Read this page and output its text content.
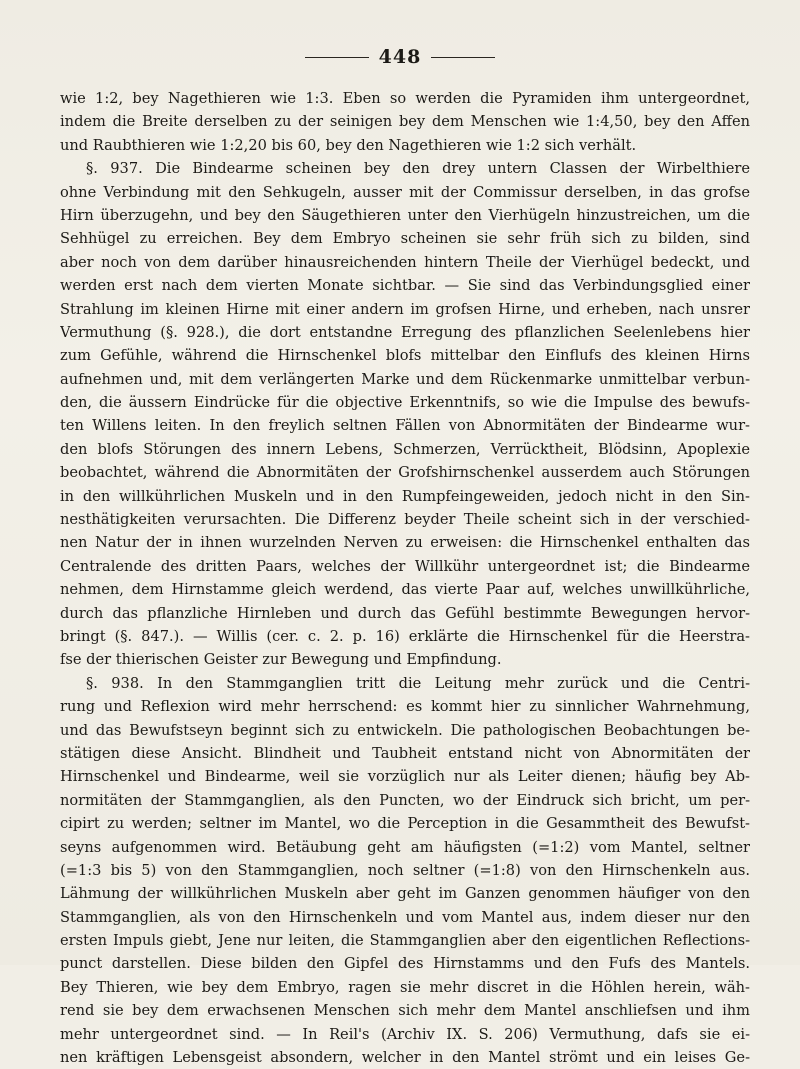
448
wie 1:2, bey Nagethieren wie 1:3. Eben so werden die Pyramiden ihm untergeordnet,
indem die Breite derselben zu der seinigen bey dem Menschen wie 1:4,50, bey den Affen
und Raubthieren wie 1:2,20 bis 60, bey den Nagethieren wie 1:2 sich verhält.
§. 937. Die Bindearme scheinen bey den drey untern Classen der Wirbelthiere
ohne Verbindung mit den Sehkugeln, ausser mit der Commissur derselben, in das grofse
Hirn überzugehn, und bey den Säugethieren unter den Vierhügeln hinzustreichen, um die
Sehhügel zu erreichen. Bey dem Embryo scheinen sie sehr früh sich zu bilden, sind
aber noch von dem darüber hinausreichenden hintern Theile der Vierhügel bedeckt, und
werden erst nach dem vierten Monate sichtbar. — Sie sind das Verbindungsglied einer
Strahlung im kleinen Hirne mit einer andern im grofsen Hirne, und erheben, nach unsrer
Vermuthung (§. 928.), die dort entstandne Erregung des pflanzlichen Seelenlebens hier
zum Gefühle, während die Hirnschenkel blofs mittelbar den Einflufs des kleinen Hirns
aufnehmen und, mit dem verlängerten Marke und dem Rückenmarke unmittelbar verbun-
den, die äussern Eindrücke für die objective Erkenntnifs, so wie die Impulse des bewufs-
ten Willens leiten. In den freylich seltnen Fällen von Abnormitäten der Bindearme wur-
den blofs Störungen des innern Lebens, Schmerzen, Verrücktheit, Blödsinn, Apoplexie
beobachtet, während die Abnormitäten der Grofshirnschenkel ausserdem auch Störungen
in den willkührlichen Muskeln und in den Rumpfeingeweiden, jedoch nicht in den Sin-
nesthätigkeiten verursachten. Die Differenz beyder Theile scheint sich in der verschied-
nen Natur der in ihnen wurzelnden Nerven zu erweisen: die Hirnschenkel enthalten das
Centralende des dritten Paars, welches der Willkühr untergeordnet ist; die Bindearme
nehmen, dem Hirnstamme gleich werdend, das vierte Paar auf, welches unwillkührliche,
durch das pflanzliche Hirnleben und durch das Gefühl bestimmte Bewegungen hervor-
bringt (§. 847.). — Willis (cer. c. 2. p. 16) erklärte die Hirnschenkel für die Heerstra-
fse der thierischen Geister zur Bewegung und Empfindung.
§. 938. In den Stammganglien tritt die Leitung mehr zurück und die Centri-
rung und Reflexion wird mehr herrschend: es kommt hier zu sinnlicher Wahrnehmung,
und das Bewufstseyn beginnt sich zu entwickeln. Die pathologischen Beobachtungen be-
stätigen diese Ansicht. Blindheit und Taubheit entstand nicht von Abnormitäten der
Hirnschenkel und Bindearme, weil sie vorzüglich nur als Leiter dienen; häufig bey Ab-
normitäten der Stammganglien, als den Puncten, wo der Eindruck sich bricht, um per-
cipirt zu werden; seltner im Mantel, wo die Perception in die Gesammtheit des Bewufst-
seyns aufgenommen wird. Betäubung geht am häufigsten (=1:2) vom Mantel, seltner
(=1:3 bis 5) von den Stammganglien, noch seltner (=1:8) von den Hirnschenkeln aus.
Lähmung der willkührlichen Muskeln aber geht im Ganzen genommen häufiger von den
Stammganglien, als von den Hirnschenkeln und vom Mantel aus, indem dieser nur den
ersten Impuls giebt, Jene nur leiten, die Stammganglien aber den eigentlichen Reflections-
punct darstellen. Diese bilden den Gipfel des Hirnstamms und den Fufs des Mantels.
Bey Thieren, wie bey dem Embryo, ragen sie mehr discret in die Höhlen herein, wäh-
rend sie bey dem erwachsenen Menschen sich mehr dem Mantel anschliefsen und ihm
mehr untergeordnet sind. — In Reil's (Archiv IX. S. 206) Vermuthung, dafs sie ei-
nen kräftigen Lebensgeist absondern, welcher in den Mantel strömt und ein leises Ge-
